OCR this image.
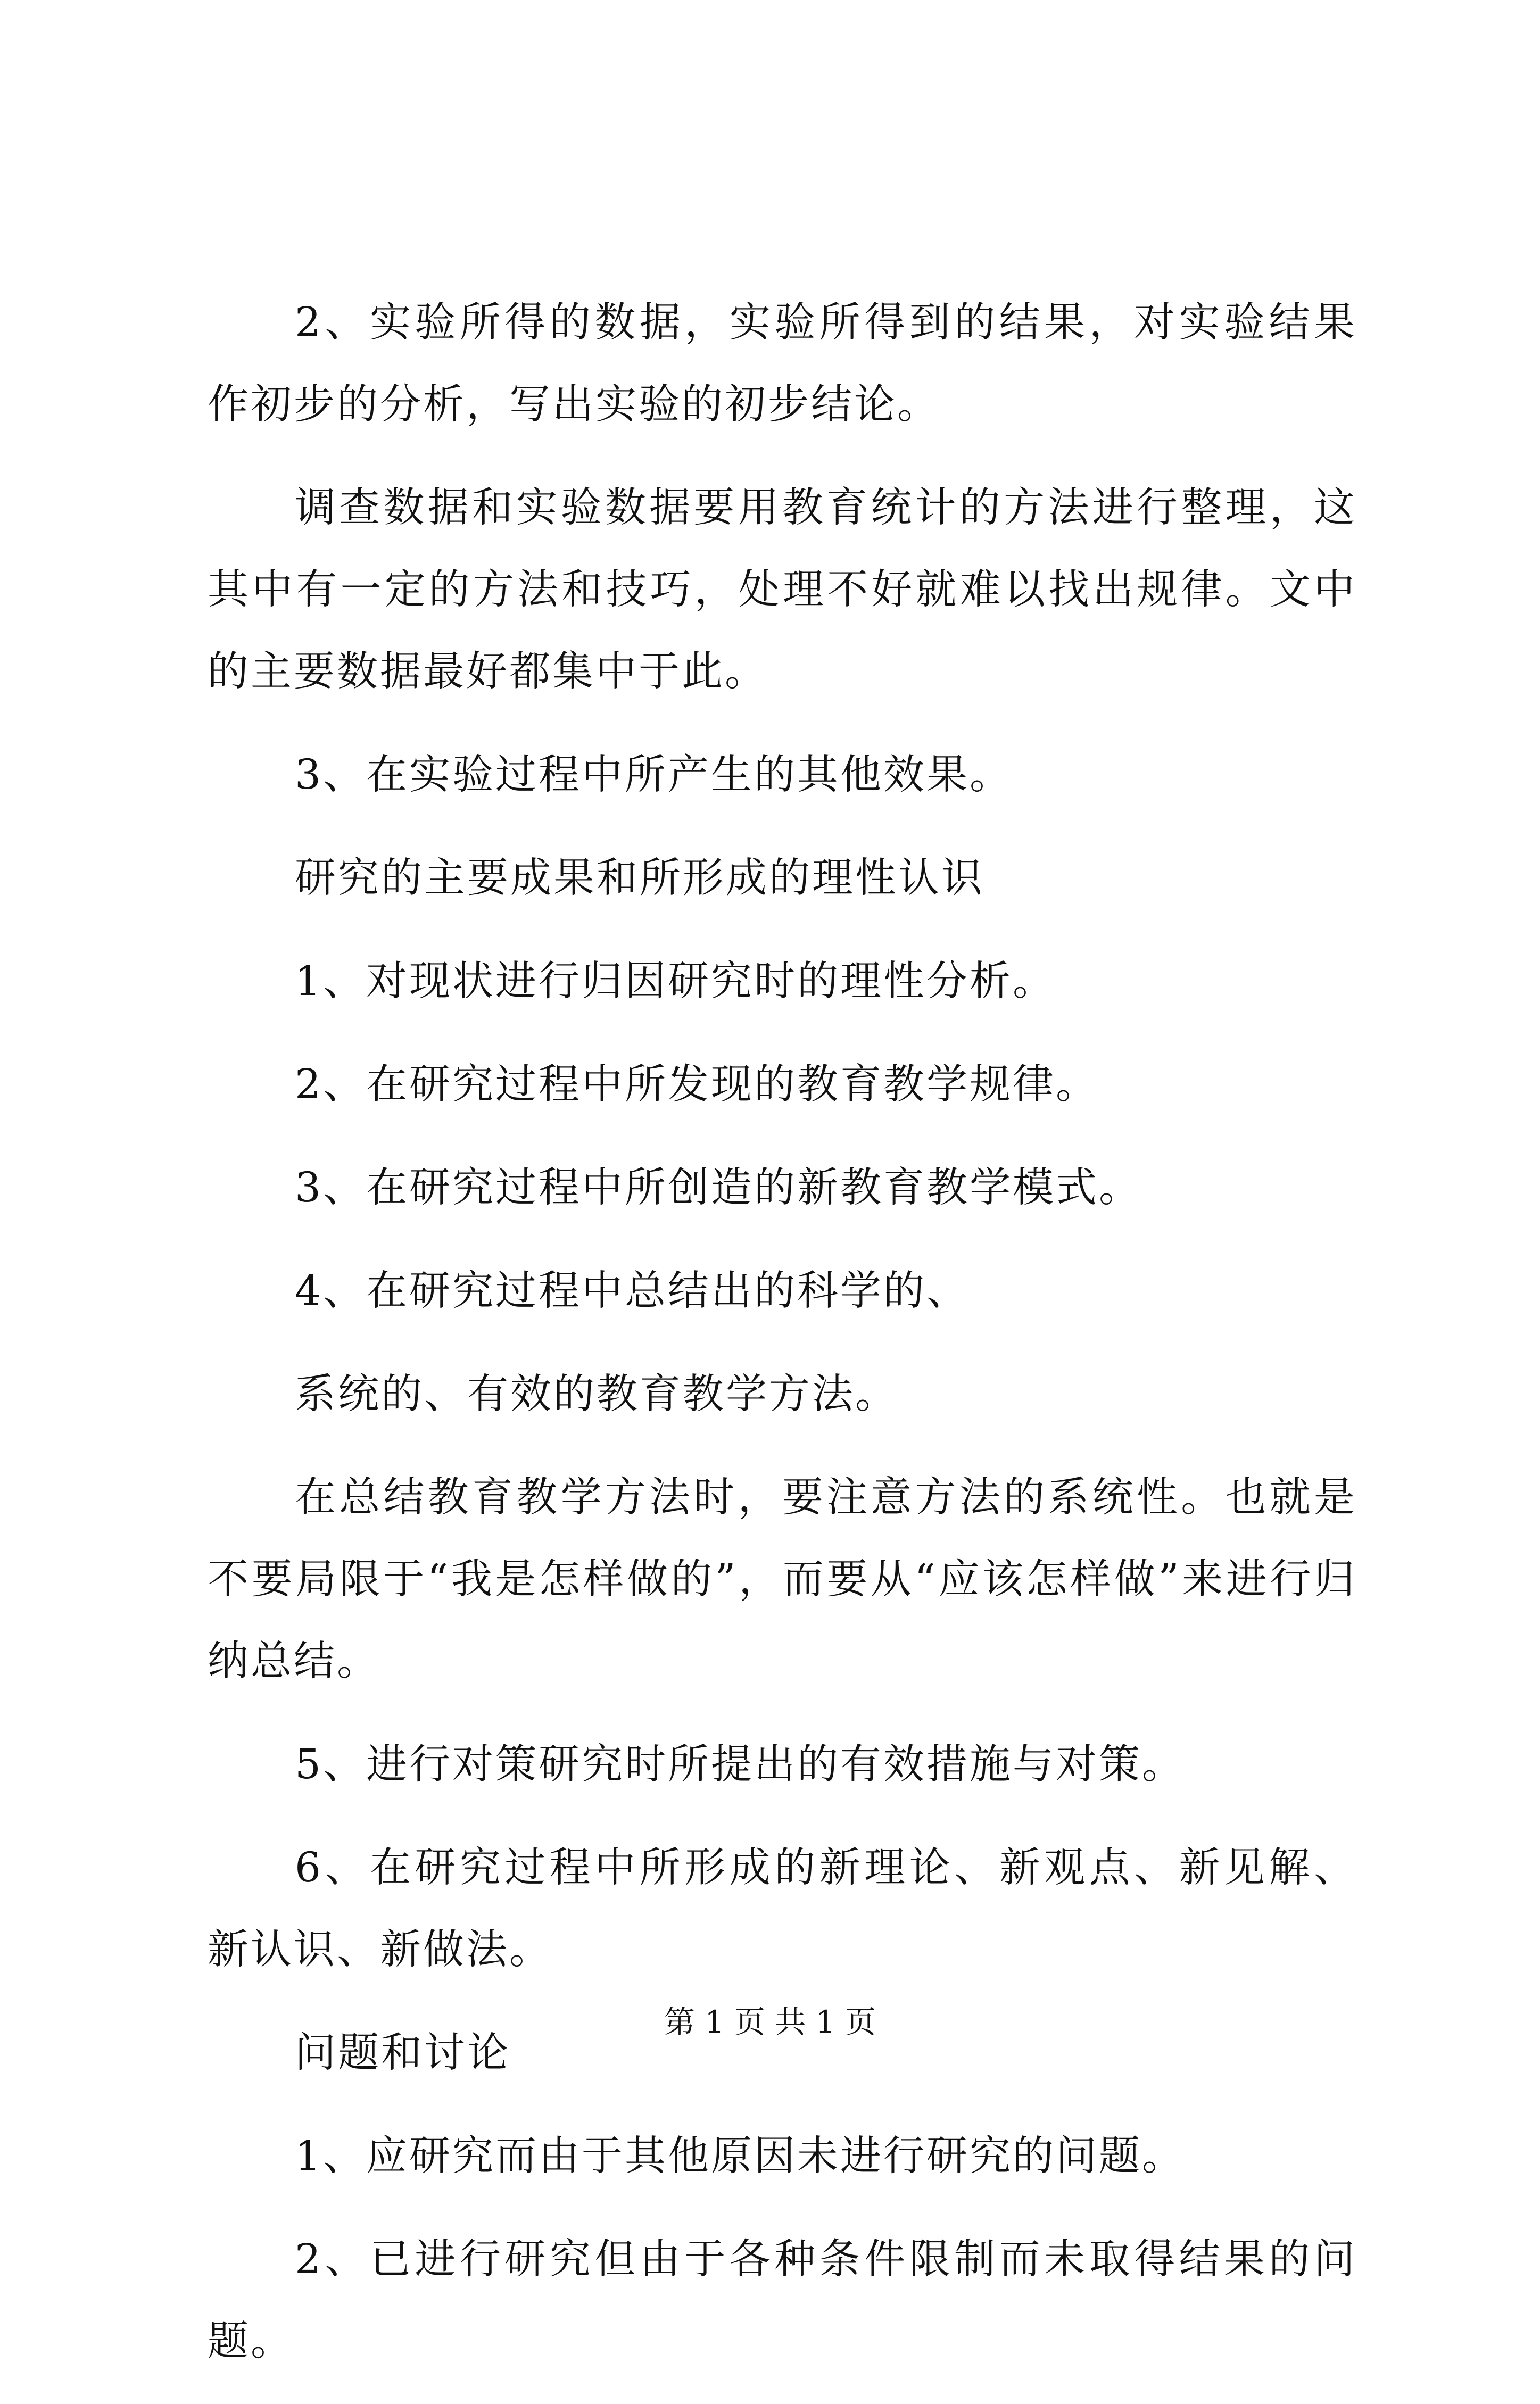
2、实验所得的数据，实验所得到的结果，对实验结果作初步的分析，写出实验的初步结论。

调查数据和实验数据要用教育统计的方法进行整理，这其中有一定的方法和技巧，处理不好就难以找出规律。文中的主要数据最好都集中于此。

3、在实验过程中所产生的其他效果。

研究的主要成果和所形成的理性认识

1、对现状进行归因研究时的理性分析。

2、在研究过程中所发现的教育教学规律。

3、在研究过程中所创造的新教育教学模式。

4、在研究过程中总结出的科学的、

系统的、有效的教育教学方法。

在总结教育教学方法时，要注意方法的系统性。也就是不要局限于“我是怎样做的”，而要从“应该怎样做”来进行归纳总结。

5、进行对策研究时所提出的有效措施与对策。

6、在研究过程中所形成的新理论、新观点、新见解、新认识、新做法。

问题和讨论

1、应研究而由于其他原因未进行研究的问题。

2、已进行研究但由于各种条件限制而未取得结果的问题。

第 1 页 共 1 页
